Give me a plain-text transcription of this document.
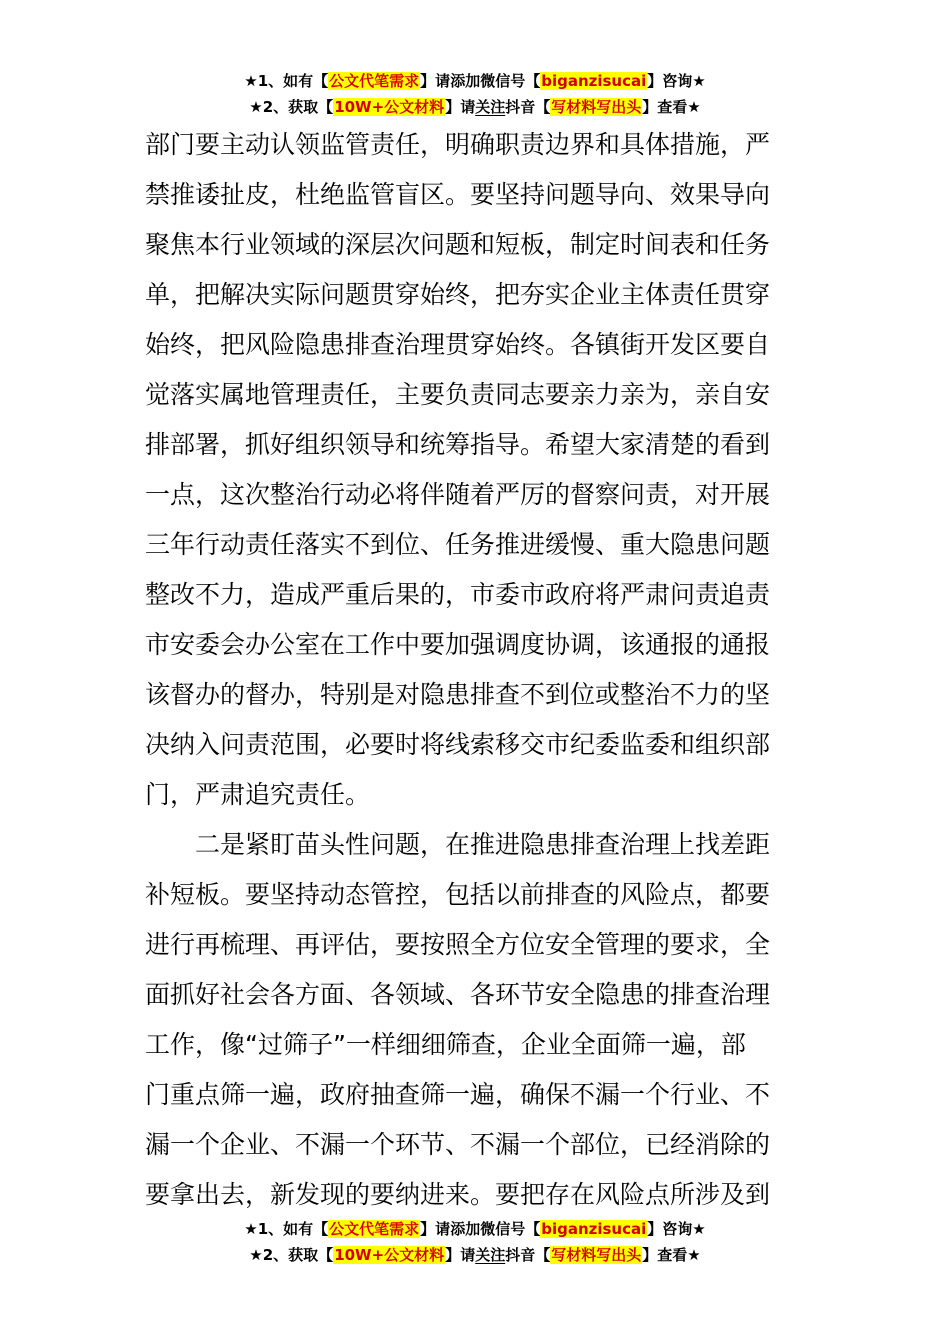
★1、如有【公文代笔需求】请添加微信号【biganzisucai】咨询★
★2、获取【10W+公文材料】请关注抖音【写材料写出头】查看★
部门要主动认领监管责任，明确职责边界和具体措施，严
禁推诿扯皮，杜绝监管盲区。要坚持问题导向、效果导向
聚焦本行业领域的深层次问题和短板，制定时间表和任务
单，把解决实际问题贯穿始终，把夯实企业主体责任贯穿
始终，把风险隐患排查治理贯穿始终。各镇街开发区要自
觉落实属地管理责任，主要负责同志要亲力亲为，亲自安
排部署，抓好组织领导和统筹指导。希望大家清楚的看到
一点，这次整治行动必将伴随着严厉的督察问责，对开展
三年行动责任落实不到位、任务推进缓慢、重大隐患问题
整改不力，造成严重后果的，市委市政府将严肃问责追责
市安委会办公室在工作中要加强调度协调，该通报的通报
该督办的督办，特别是对隐患排查不到位或整治不力的坚
决纳入问责范围，必要时将线索移交市纪委监委和组织部
门，严肃追究责任。
二是紧盯苗头性问题，在推进隐患排查治理上找差距
补短板。要坚持动态管控，包括以前排查的风险点，都要
进行再梳理、再评估，要按照全方位安全管理的要求，全
面抓好社会各方面、各领域、各环节安全隐患的排查治理
工作，像“过筛子”一样细细筛查，企业全面筛一遍，部
门重点筛一遍，政府抽查筛一遍，确保不漏一个行业、不
漏一个企业、不漏一个环节、不漏一个部位，已经消除的
要拿出去，新发现的要纳进来。要把存在风险点所涉及到
★1、如有【公文代笔需求】请添加微信号【biganzisucai】咨询★
★2、获取【10W+公文材料】请关注抖音【写材料写出头】查看★
